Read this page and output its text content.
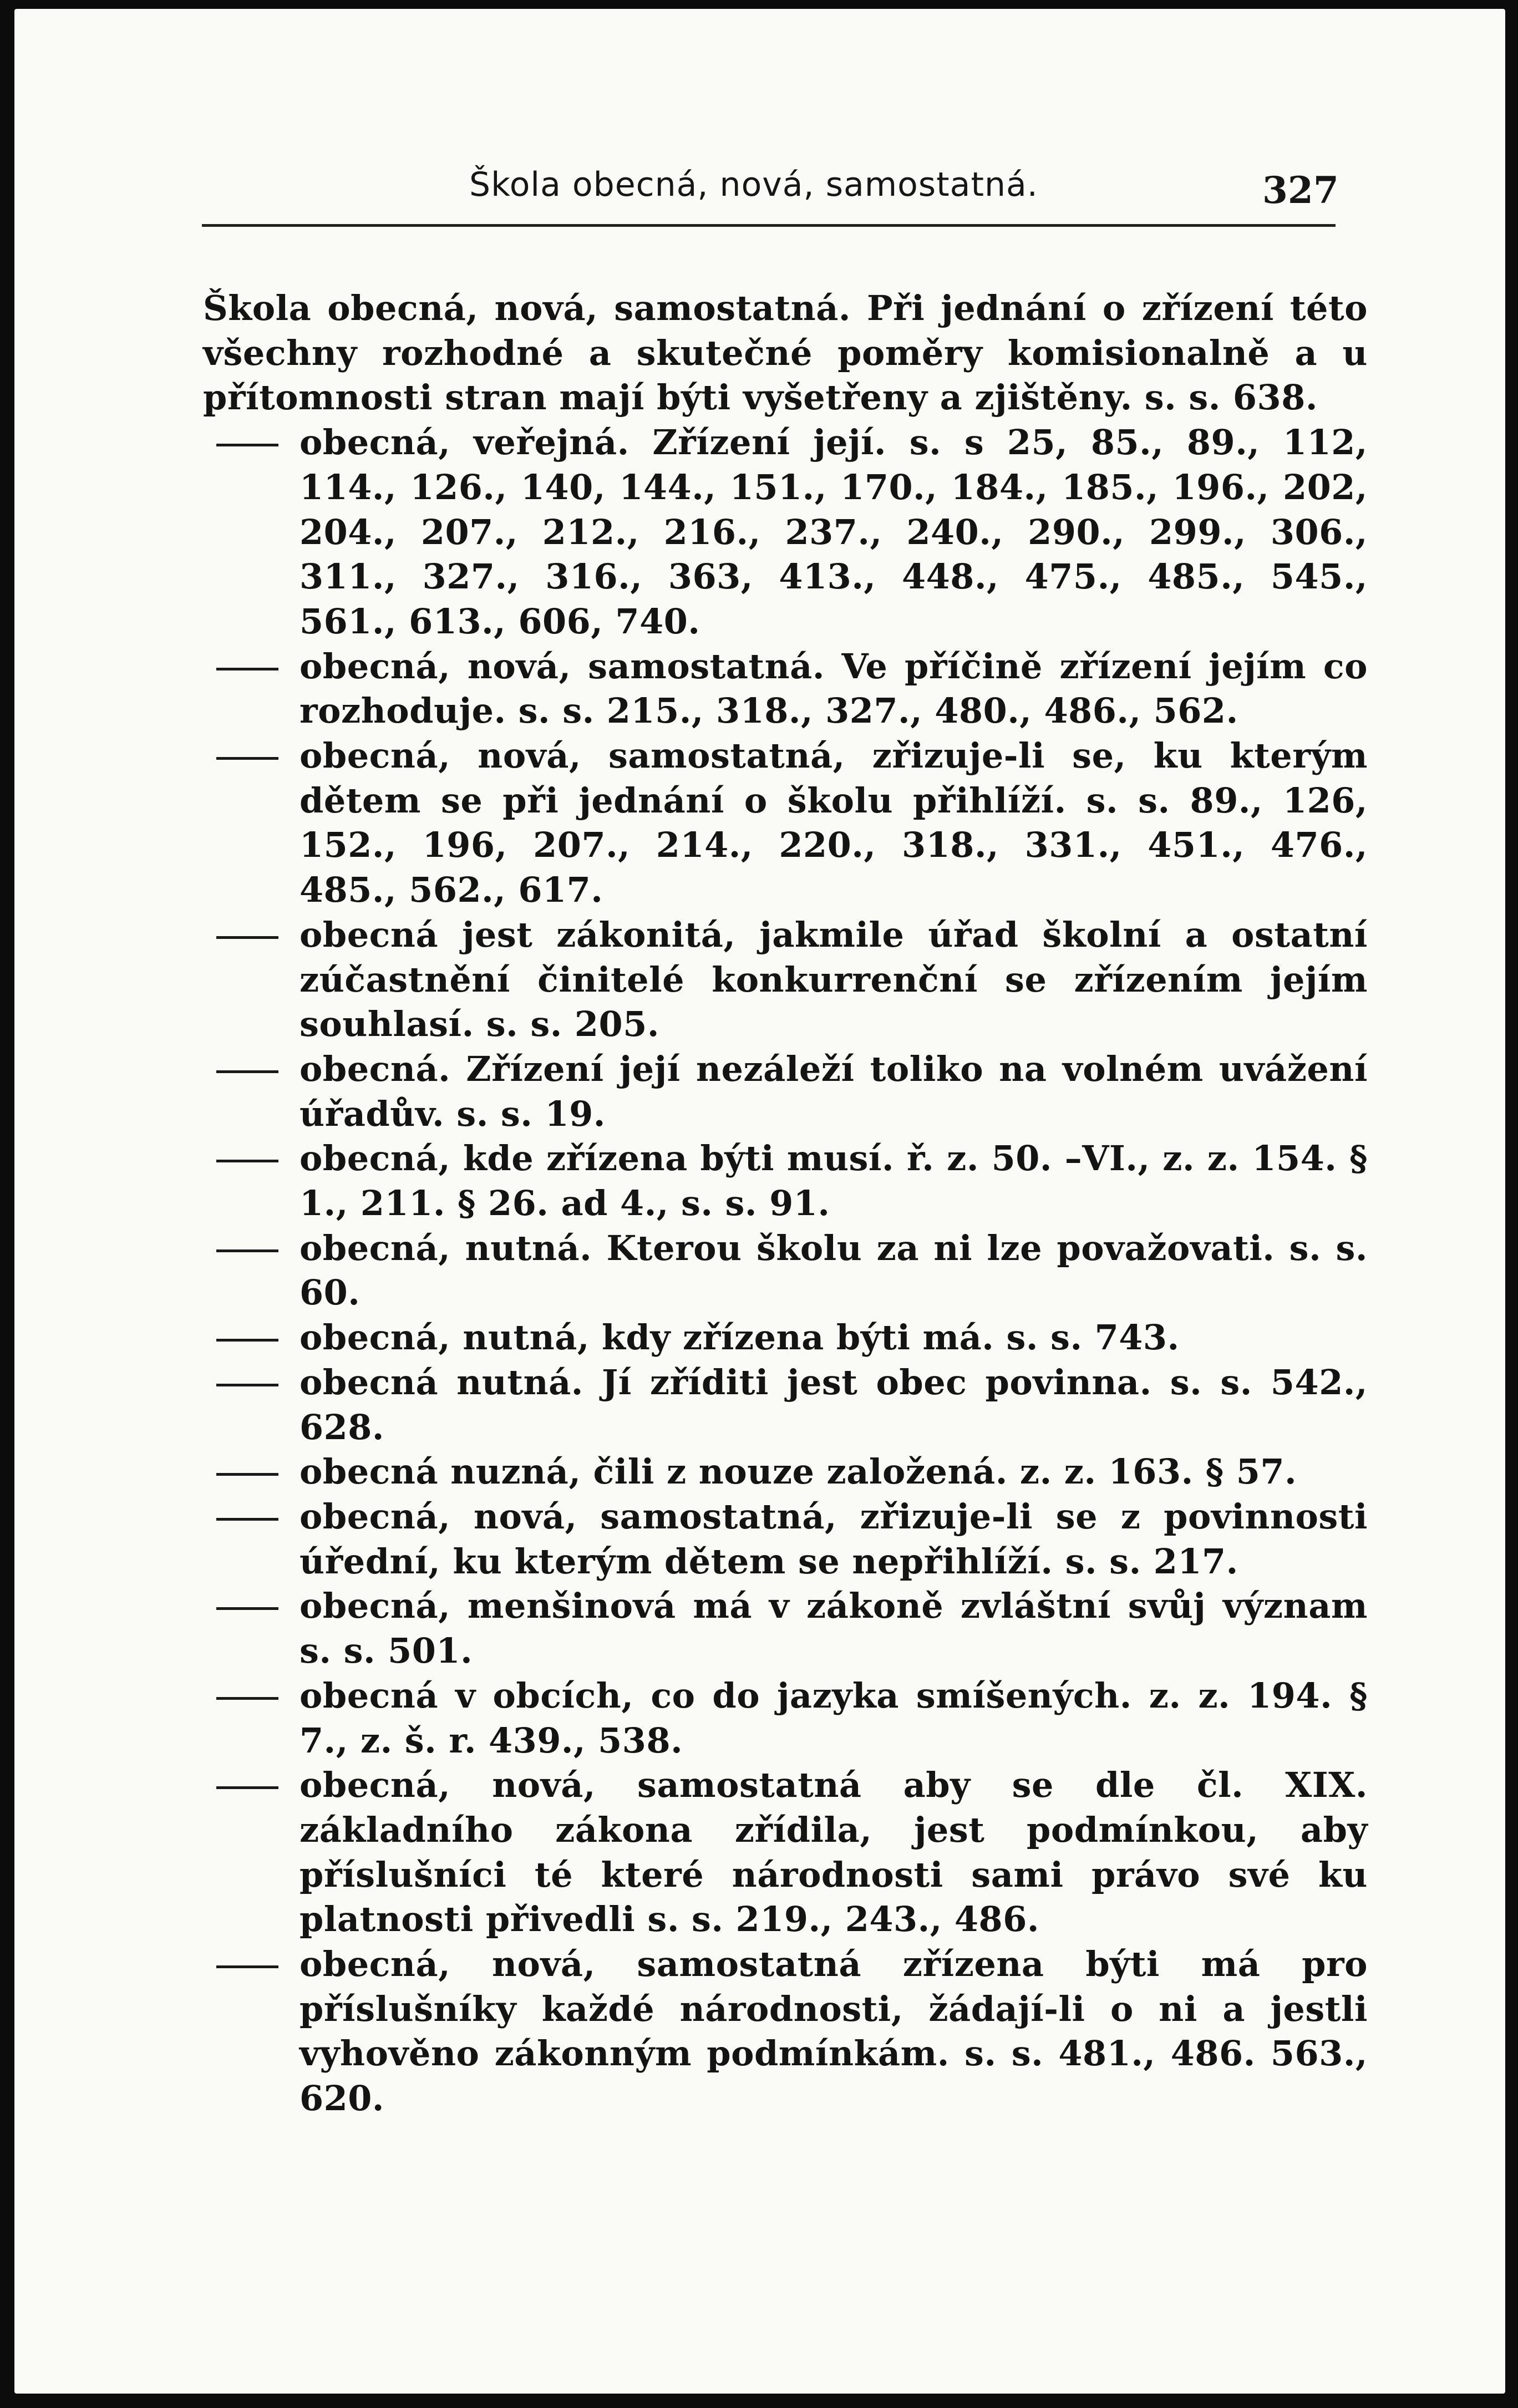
Škola obecná, nová, samostatná.	327
Škola obecná, nová, samostatná. Při jednání o zřízení této všechny rozhodné a skutečné poměry komisionalně a u přítomnosti stran mají býti vyšetřeny a zjištěny. s. s. 638.
obecná, veřejná. Zřízení její. s. s 25, 85., 89., 112, 114., 126., 140, 144., 151., 170., 184., 185., 196., 202, 204., 207., 212., 216., 237., 240., 290., 299., 306., 311., 327., 316., 363, 413., 448., 475., 485., 545., 561., 613., 606, 740.
obecná, nová, samostatná. Ve příčině zřízení jejím co rozhoduje. s. s. 215., 318., 327., 480., 486., 562.
obecná, nová, samostatná, zřizuje-li se, ku kterým dětem se při jednání o školu přihlíží. s. s. 89., 126, 152., 196, 207., 214., 220., 318., 331., 451., 476., 485., 562., 617.
obecná jest zákonitá, jakmile úřad školní a ostatní zúčastnění činitelé konkurrenční se zřízením jejím souhlasí. s. s. 205.
obecná. Zřízení její nezáleží toliko na volném uvážení úřadův. s. s. 19.
obecná, kde zřízena býti musí. ř. z. 50. –VI., z. z. 154. § 1., 211. § 26. ad 4., s. s. 91.
obecná, nutná. Kterou školu za ni lze považovati. s. s. 60.
obecná, nutná, kdy zřízena býti má. s. s. 743.
obecná nutná. Jí zříditi jest obec povinna. s. s. 542., 628.
obecná nuzná, čili z nouze založená. z. z. 163. § 57.
obecná, nová, samostatná, zřizuje-li se z povinnosti úřední, ku kterým dětem se nepřihlíží. s. s. 217.
obecná, menšinová má v zákoně zvláštní svůj význam s. s. 501.
obecná v obcích, co do jazyka smíšených. z. z. 194. § 7., z. š. r. 439., 538.
obecná, nová, samostatná aby se dle čl. XIX. základního zákona zřídila, jest podmínkou, aby příslušníci té které národnosti sami právo své ku platnosti přivedli s. s. 219., 243., 486.
obecná, nová, samostatná zřízena býti má pro příslušníky každé národnosti, žádají-li o ni a jestli vyhověno zákonným podmínkám. s. s. 481., 486. 563., 620.
